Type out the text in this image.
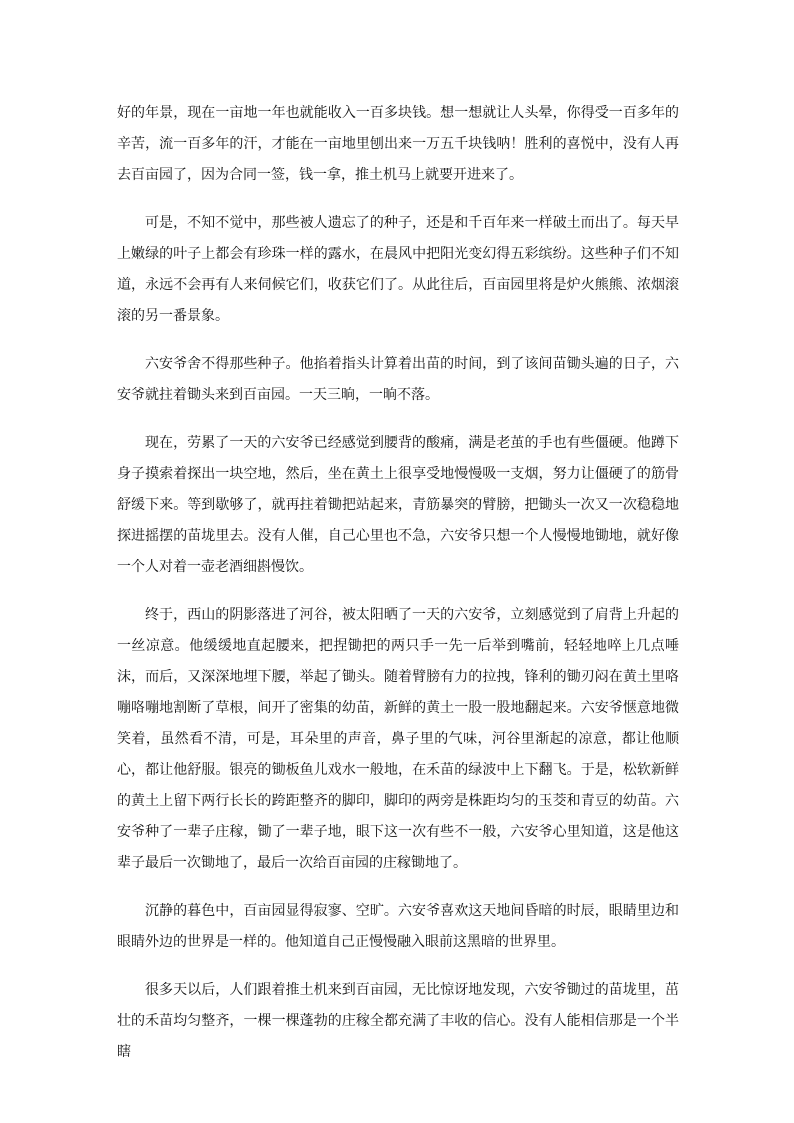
好的年景，现在一亩地一年也就能收入一百多块钱。想一想就让人头晕，你得受一百多年的辛苦，流一百多年的汗，才能在一亩地里刨出来一万五千块钱呐！胜利的喜悦中，没有人再去百亩园了，因为合同一签，钱一拿，推土机马上就要开进来了。

可是，不知不觉中，那些被人遗忘了的种子，还是和千百年来一样破土而出了。每天早上嫩绿的叶子上都会有珍珠一样的露水，在晨风中把阳光变幻得五彩缤纷。这些种子们不知道，永远不会再有人来伺候它们，收获它们了。从此往后，百亩园里将是炉火熊熊、浓烟滚滚的另一番景象。

六安爷舍不得那些种子。他掐着指头计算着出苗的时间，到了该间苗锄头遍的日子，六安爷就拄着锄头来到百亩园。一天三晌，一晌不落。

现在，劳累了一天的六安爷已经感觉到腰背的酸痛，满是老茧的手也有些僵硬。他蹲下身子摸索着探出一块空地，然后，坐在黄土上很享受地慢慢吸一支烟，努力让僵硬了的筋骨舒缓下来。等到歇够了，就再拄着锄把站起来，青筋暴突的臂膀，把锄头一次又一次稳稳地探进摇摆的苗垅里去。没有人催，自己心里也不急，六安爷只想一个人慢慢地锄地，就好像一个人对着一壶老酒细斟慢饮。

终于，西山的阴影落进了河谷，被太阳晒了一天的六安爷，立刻感觉到了肩背上升起的一丝凉意。他缓缓地直起腰来，把捏锄把的两只手一先一后举到嘴前，轻轻地啐上几点唾沫，而后，又深深地埋下腰，举起了锄头。随着臂膀有力的拉拽，锋利的锄刃闷在黄土里咯嘣咯嘣地割断了草根，间开了密集的幼苗，新鲜的黄土一股一股地翻起来。六安爷惬意地微笑着，虽然看不清，可是，耳朵里的声音，鼻子里的气味，河谷里渐起的凉意，都让他顺心，都让他舒服。银亮的锄板鱼儿戏水一般地，在禾苗的绿波中上下翻飞。于是，松软新鲜的黄土上留下两行长长的跨距整齐的脚印，脚印的两旁是株距均匀的玉茭和青豆的幼苗。六安爷种了一辈子庄稼，锄了一辈子地，眼下这一次有些不一般，六安爷心里知道，这是他这辈子最后一次锄地了，最后一次给百亩园的庄稼锄地了。

沉静的暮色中，百亩园显得寂寥、空旷。六安爷喜欢这天地间昏暗的时辰，眼睛里边和眼睛外边的世界是一样的。他知道自己正慢慢融入眼前这黑暗的世界里。

很多天以后，人们跟着推土机来到百亩园，无比惊讶地发现，六安爷锄过的苗垅里，茁壮的禾苗均匀整齐，一棵一棵蓬勃的庄稼全都充满了丰收的信心。没有人能相信那是一个半瞎
